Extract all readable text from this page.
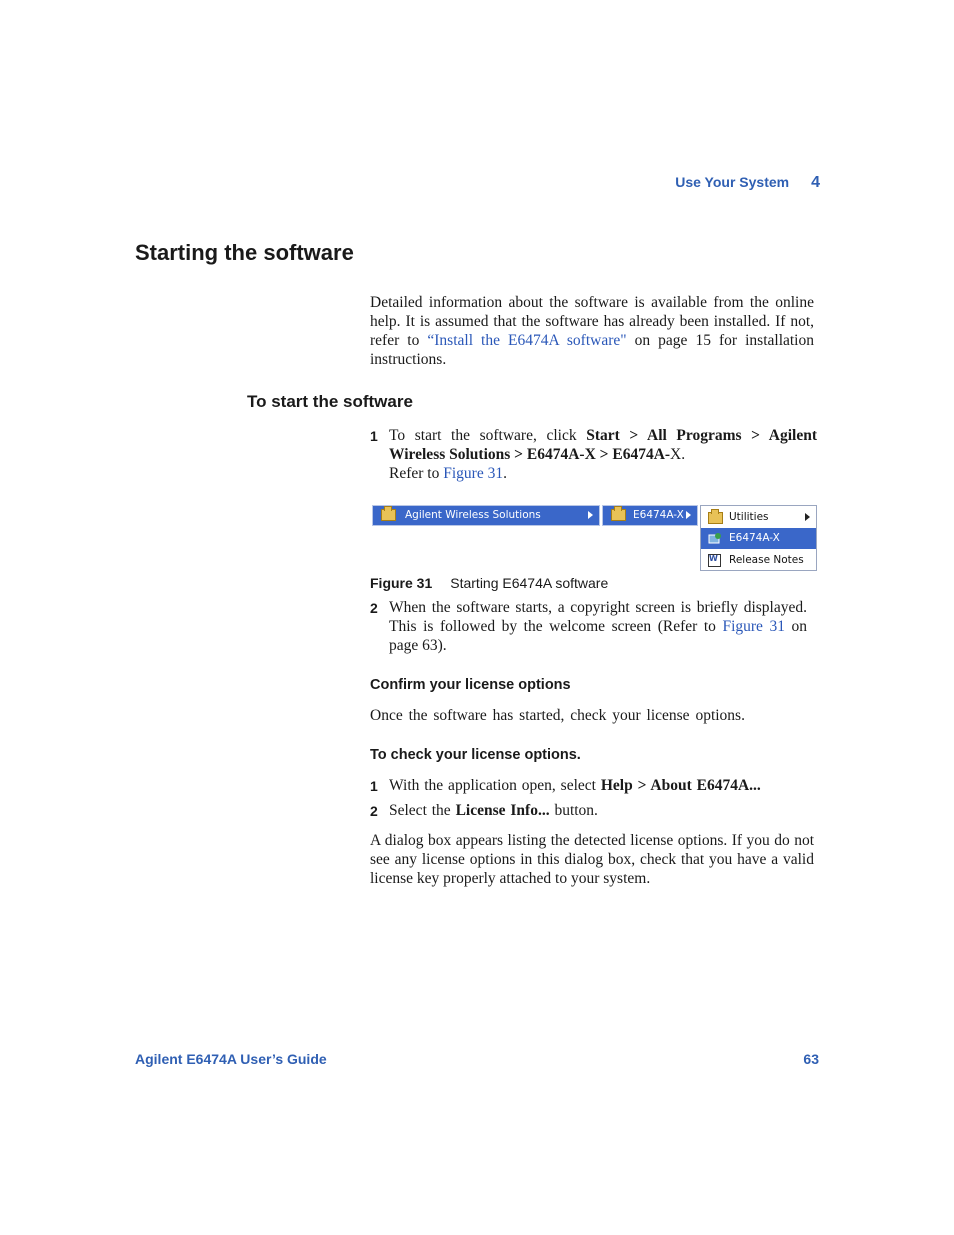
Use Your System 4
Starting the software
Detailed information about the software is available from the online help. It is assumed that the software has already been installed. If not, refer to “Install the E6474A software" on page 15 for installation instructions.
To start the software
1 To start the software, click Start > All Programs > Agilent Wireless Solutions > E6474A-X > E6474A-X.
Refer to Figure 31.
Agilent Wireless Solutions	E6474A-X	Utilities
E6474A-X
W
Release Notes
Figure 31 Starting E6474A software
2 When the software starts, a copyright screen is briefly displayed. This is followed by the welcome screen (Refer to Figure 31 on page 63).
Confirm your license options
Once the software has started, check your license options.
To check your license options.
1 With the application open, select Help > About E6474A...
2 Select the License Info... button.
A dialog box appears listing the detected license options. If you do not see any license options in this dialog box, check that you have a valid license key properly attached to your system.
Agilent E6474A User’s Guide	63
